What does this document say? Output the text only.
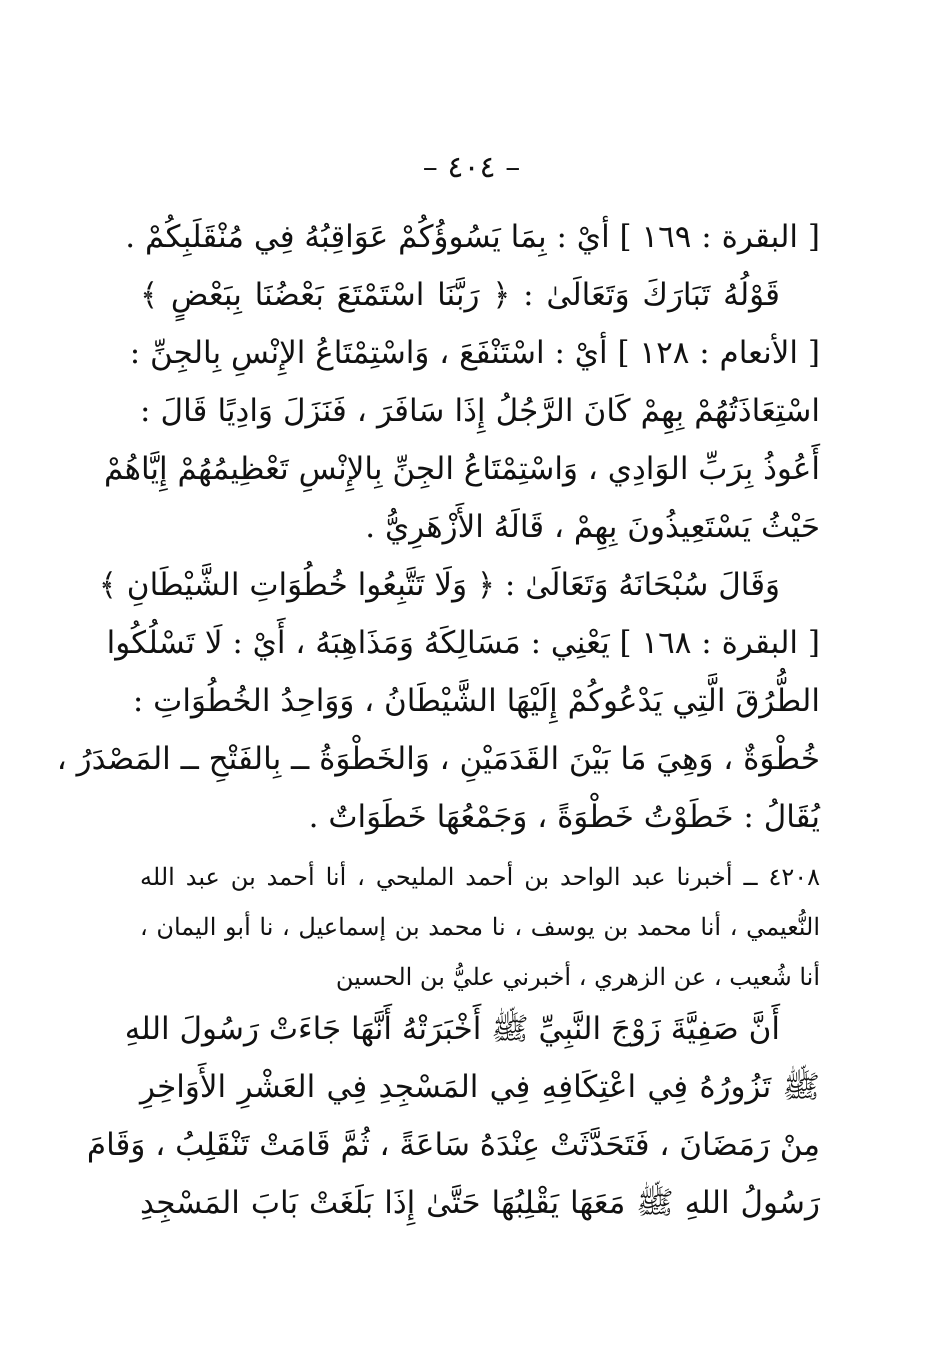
– ٤٠٤ –
[ البقرة : ١٦٩ ] أيْ : بِمَا يَسُوؤُكُمْ عَوَاقِبُهُ فِي مُنْقَلَبِكُمْ .
قَوْلُهُ تَبَارَكَ وَتَعَالَىٰ : ﴿ رَبَّنَا اسْتَمْتَعَ بَعْضُنَا بِبَعْضٍ ﴾
[ الأنعام : ١٢٨ ] أيْ : اسْتَنْفَعَ ، وَاسْتِمْتَاعُ الإِنْسِ بِالجِنِّ :
اسْتِعَاذَتُهُمْ بِهِمْ كَانَ الرَّجُلُ إِذَا سَافَرَ ، فَنَزَلَ وَادِيًا قَالَ :
أَعُوذُ بِرَبِّ الوَادِي ، وَاسْتِمْتَاعُ الجِنِّ بِالإِنْسِ تَعْظِيمُهُمْ إِيَّاهُمْ
حَيْثُ يَسْتَعِيذُونَ بِهِمْ ، قَالَهُ الأَزْهَرِيُّ .
وَقَالَ سُبْحَانَهُ وَتَعَالَىٰ : ﴿ وَلَا تَتَّبِعُوا خُطُوَاتِ الشَّيْطَانِ ﴾
[ البقرة : ١٦٨ ] يَعْنِي : مَسَالِكَهُ وَمَذَاهِبَهُ ، أَيْ : لَا تَسْلُكُوا
الطُّرُقَ الَّتِي يَدْعُوكُمْ إِلَيْهَا الشَّيْطَانُ ، وَوَاحِدُ الخُطُوَاتِ :
خُطْوَةٌ ، وَهِيَ مَا بَيْنَ القَدَمَيْنِ ، وَالخَطْوَةُ ــ بِالفَتْحِ ــ المَصْدَرُ ،
يُقَالُ : خَطَوْتُ خَطْوَةً ، وَجَمْعُهَا خَطَوَاتٌ .
٤٢٠٨ ــ أخبرنا عبد الواحد بن أحمد المليحي ، أنا أحمد بن عبد الله
النُّعيمي ، أنا محمد بن يوسف ، نا محمد بن إسماعيل ، نا أبو اليمان ،
أنا شُعيب ، عن الزهري ، أخبرني عليُّ بن الحسين
أَنَّ صَفِيَّةَ زَوْجَ النَّبِيِّ ﷺ أَخْبَرَتْهُ أَنَّهَا جَاءَتْ رَسُولَ اللهِ
ﷺ تَزُورُهُ فِي اعْتِكَافِهِ فِي المَسْجِدِ فِي العَشْرِ الأَوَاخِرِ
مِنْ رَمَضَانَ ، فَتَحَدَّثَتْ عِنْدَهُ سَاعَةً ، ثُمَّ قَامَتْ تَنْقَلِبُ ، وَقَامَ
رَسُولُ اللهِ ﷺ مَعَهَا يَقْلِبُهَا حَتَّىٰ إِذَا بَلَغَتْ بَابَ المَسْجِدِ
